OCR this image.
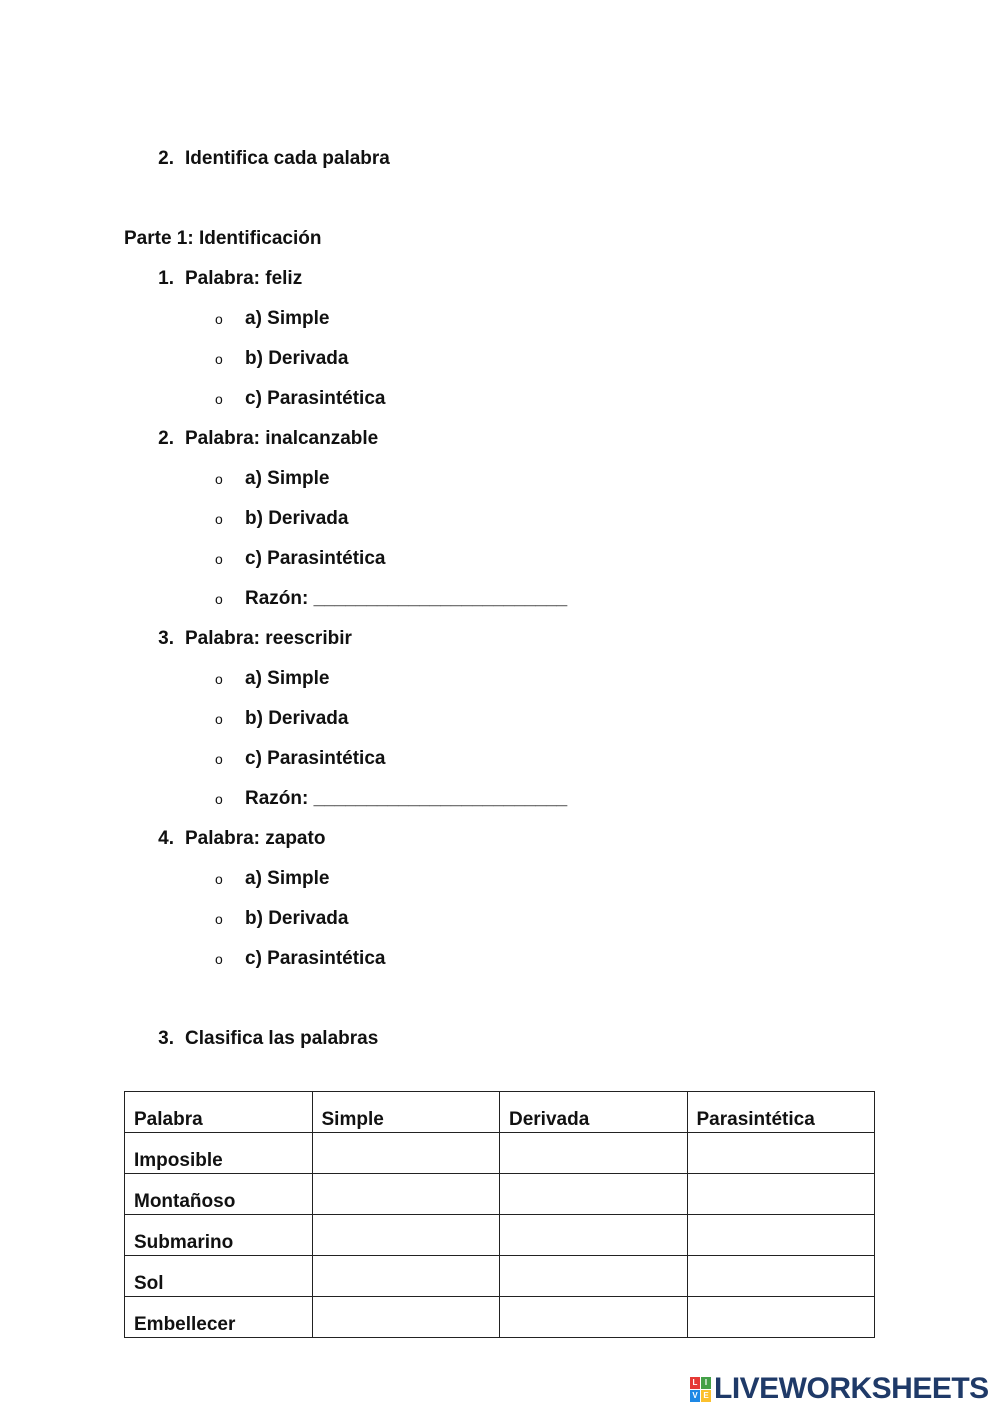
2. Identifica cada palabra
Parte 1: Identificación
1. Palabra: feliz
o a) Simple
o b) Derivada
o c) Parasintética
2. Palabra: inalcanzable
o a) Simple
o b) Derivada
o c) Parasintética
o Razón: ________________________
3. Palabra: reescribir
o a) Simple
o b) Derivada
o c) Parasintética
o Razón: ________________________
4. Palabra: zapato
o a) Simple
o b) Derivada
o c) Parasintética
3. Clasifica las palabras
Palabra	Simple	Derivada	Parasintética

Imposible			

Montañoso			

Submarino			

Sol			

Embellecer			

L I
V E LIVEWORKSHEETS
